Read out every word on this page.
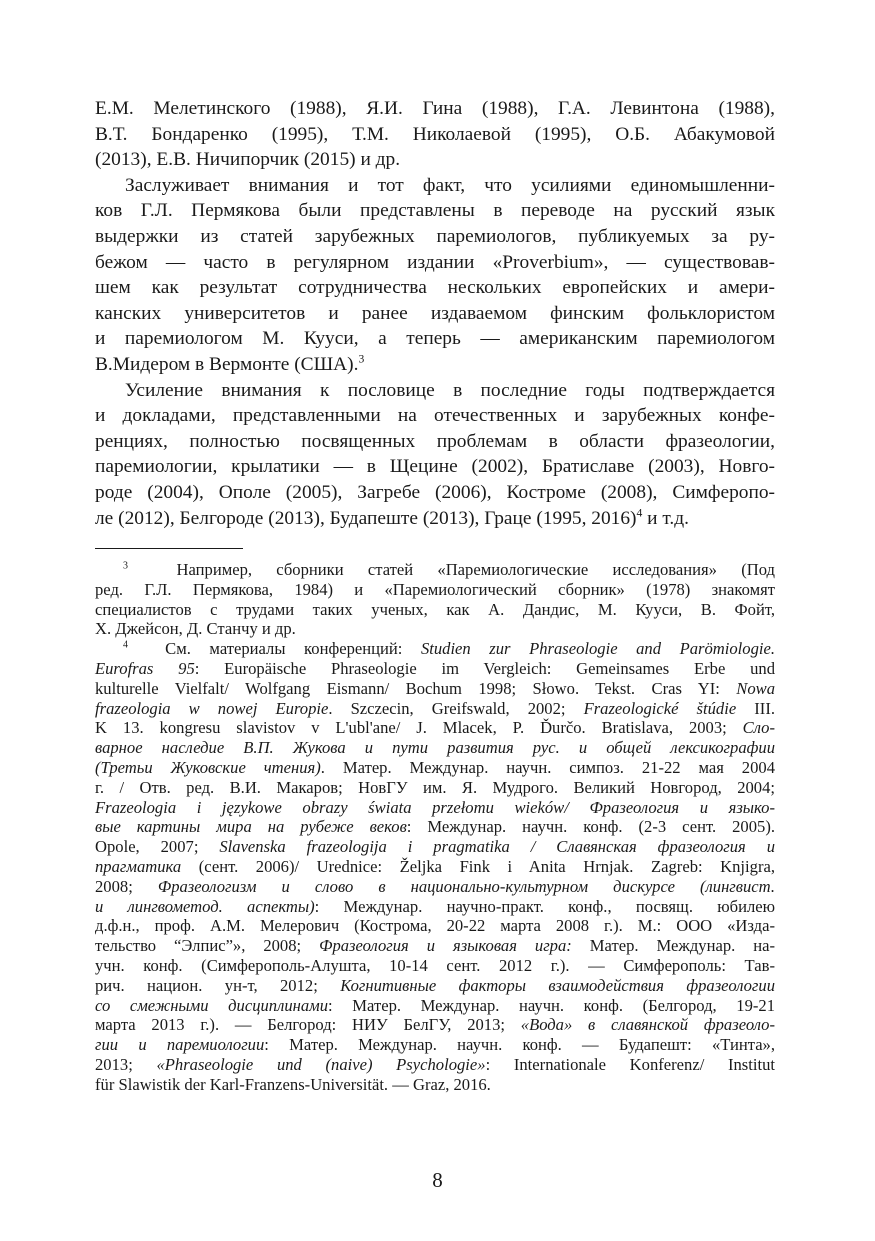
Е.М. Мелетинского (1988), Я.И. Гина (1988), Г.А. Левинтона (1988),
В.Т. Бондаренко (1995), Т.М. Николаевой (1995), О.Б. Абакумовой
(2013), Е.В. Ничипорчик (2015) и др.

Заслуживает внимания и тот факт, что усилиями единомышленни-
ков Г.Л. Пермякова были представлены в переводе на русский язык
выдержки из статей зарубежных паремиологов, публикуемых за ру-
бежом — часто в регулярном издании «Proverbium», — существовав-
шем как результат сотрудничества нескольких европейских и амери-
канских университетов и ранее издаваемом финским фольклористом
и паремиологом М. Кууси, а теперь — американским паремиологом
В.Мидером в Вермонте (США).$^3$

Усиление внимания к пословице в последние годы подтверждается
и докладами, представленными на отечественных и зарубежных конфе-
ренциях, полностью посвященных проблемам в области фразеологии,
паремиологии, крылатики — в Щецине (2002), Братиславе (2003), Новго-
роде (2004), Ополе (2005), Загребе (2006), Костроме (2008), Симферопо-
ле (2012), Белгороде (2013), Будапеште (2013), Граце (1995, 2016)$^4$ и т.д.

$^3$	Например, сборники статей «Паремиологические исследования» (Под
ред. Г.Л. Пермякова, 1984) и «Паремиологический сборник» (1978) знакомят
специалистов с трудами таких ученых, как А. Дандис, М. Кууси, В. Фойт,
Х. Джейсон, Д. Станчу и др.
$^4$ См. материалы конференций: Studien zur Phraseologie and Parömiologie.
Eurofras 95: Europäische Phraseologie im Vergleich: Gemeinsames Erbe und
kulturelle Vielfalt/ Wolfgang Eismann/ Bochum 1998; Słowo. Tekst. Cras YI: Nowa
frazeologia w nowej Europie. Szczecin, Greifswald, 2002; Frazeologické štúdie III.
K 13. kongresu slavistov v L'ubl'ane/ J. Mlacek, P. Ďurčo. Bratislava, 2003; Сло-
варное наследие В.П. Жукова и пути развития рус. и общей лексикографии
(Третьи Жуковские чтения). Матер. Междунар. научн. симпоз. 21-22 мая 2004
г. / Отв. ред. В.И. Макаров; НовГУ им. Я. Мудрого. Великий Новгород, 2004;
Frazeologia i językowe obrazy świata przełomu wieków/ Фразеология и языко-
вые картины мира на рубеже веков: Междунар. научн. конф. (2-3 сент. 2005).
Opole, 2007; Slavenska frazeologija i pragmatika / Славянская фразеология и
прагматика (сент. 2006)/ Urednice: Željka Fink i Anita Hrnjak. Zagreb: Knjigra,
2008; Фразеологизм и слово в национально-культурном дискурсе (лингвист.
и лингвометод. аспекты): Междунар. научно-практ. конф., посвящ. юбилею
д.ф.н., проф. А.М. Мелерович (Кострома, 20-22 марта 2008 г.). М.: ООО «Изда-
тельство “Элпис”», 2008; Фразеология и языковая игра: Матер. Междунар. на-
учн. конф. (Симферополь-Алушта, 10-14 сент. 2012 г.). — Симферополь: Тав-
рич. национ. ун-т, 2012; Когнитивные факторы взаимодействия фразеологии
со смежными дисциплинами: Матер. Междунар. научн. конф. (Белгород, 19-21
марта 2013 г.). — Белгород: НИУ БелГУ, 2013; «Вода» в славянской фразеоло-
гии и паремиологии: Матер. Междунар. научн. конф. — Будапешт: «Тинта»,
2013; «Phraseologie und (naive) Psychologie»: Internationale Konferenz/ Institut
für Slawistik der Karl-Franzens-Universität. — Graz, 2016.
8
